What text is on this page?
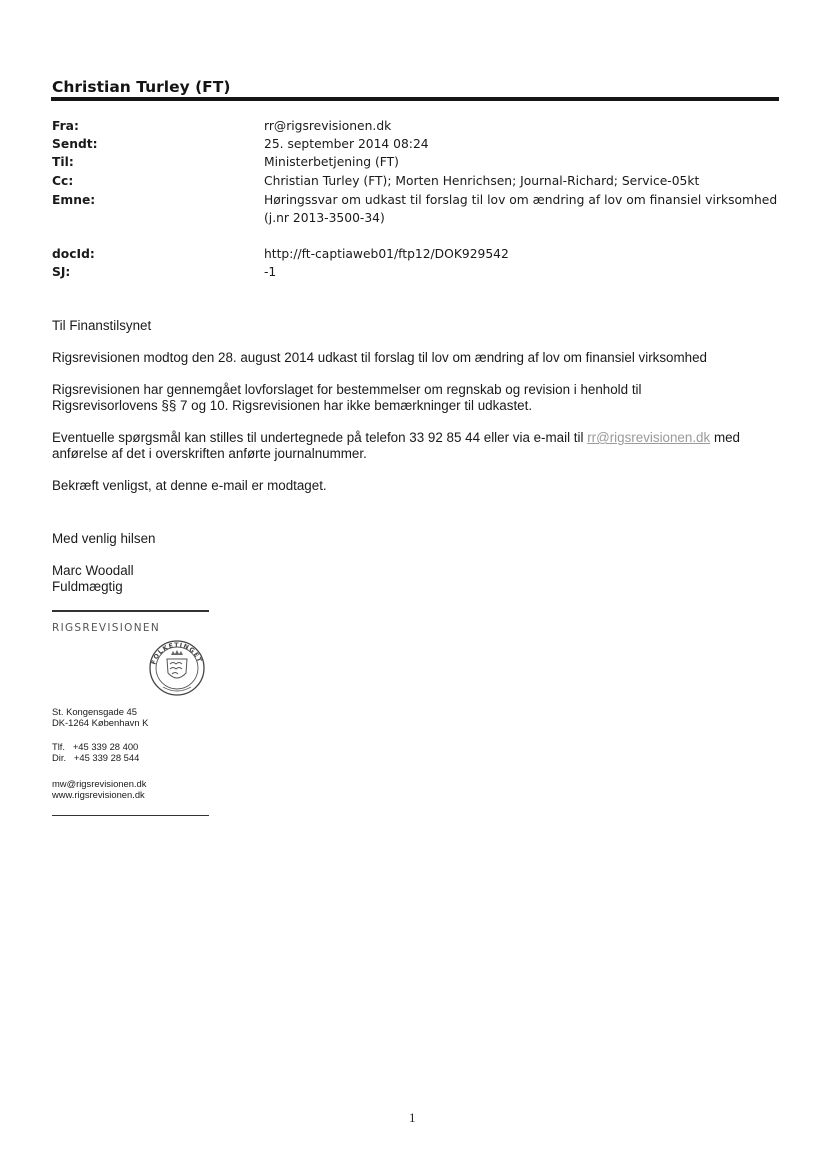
Christian Turley (FT)
Fra:	rr@rigsrevisionen.dk
Sendt:	25. september 2014 08:24
Til:	Ministerbetjening (FT)
Cc:	Christian Turley (FT); Morten Henrichsen; Journal-Richard; Service-05kt
Emne:	Høringssvar om udkast til forslag til lov om ændring af lov om finansiel virksomhed
(j.nr 2013-3500-34)
docId:	http://ft-captiaweb01/ftp12/DOK929542
SJ:	-1
Til Finanstilsynet
Rigsrevisionen modtog den 28. august 2014 udkast til forslag til lov om ændring af lov om finansiel virksomhed
Rigsrevisionen har gennemgået lovforslaget for bestemmelser om regnskab og revision i henhold til
Rigsrevisorlovens §§ 7 og 10. Rigsrevisionen har ikke bemærkninger til udkastet.
Eventuelle spørgsmål kan stilles til undertegnede på telefon 33 92 85 44 eller via e-mail til rr@rigsrevisionen.dk med
anførelse af det i overskriften anførte journalnummer.
Bekræft venligst, at denne e-mail er modtaget.
Med venlig hilsen
Marc Woodall
Fuldmægtig
RIGSREVISIONEN
FOLKETINGET
St. Kongensgade 45
DK-1264 København K
Tlf.   +45 339 28 400
Dir.   +45 339 28 544
mw@rigsrevisionen.dk
www.rigsrevisionen.dk
1
